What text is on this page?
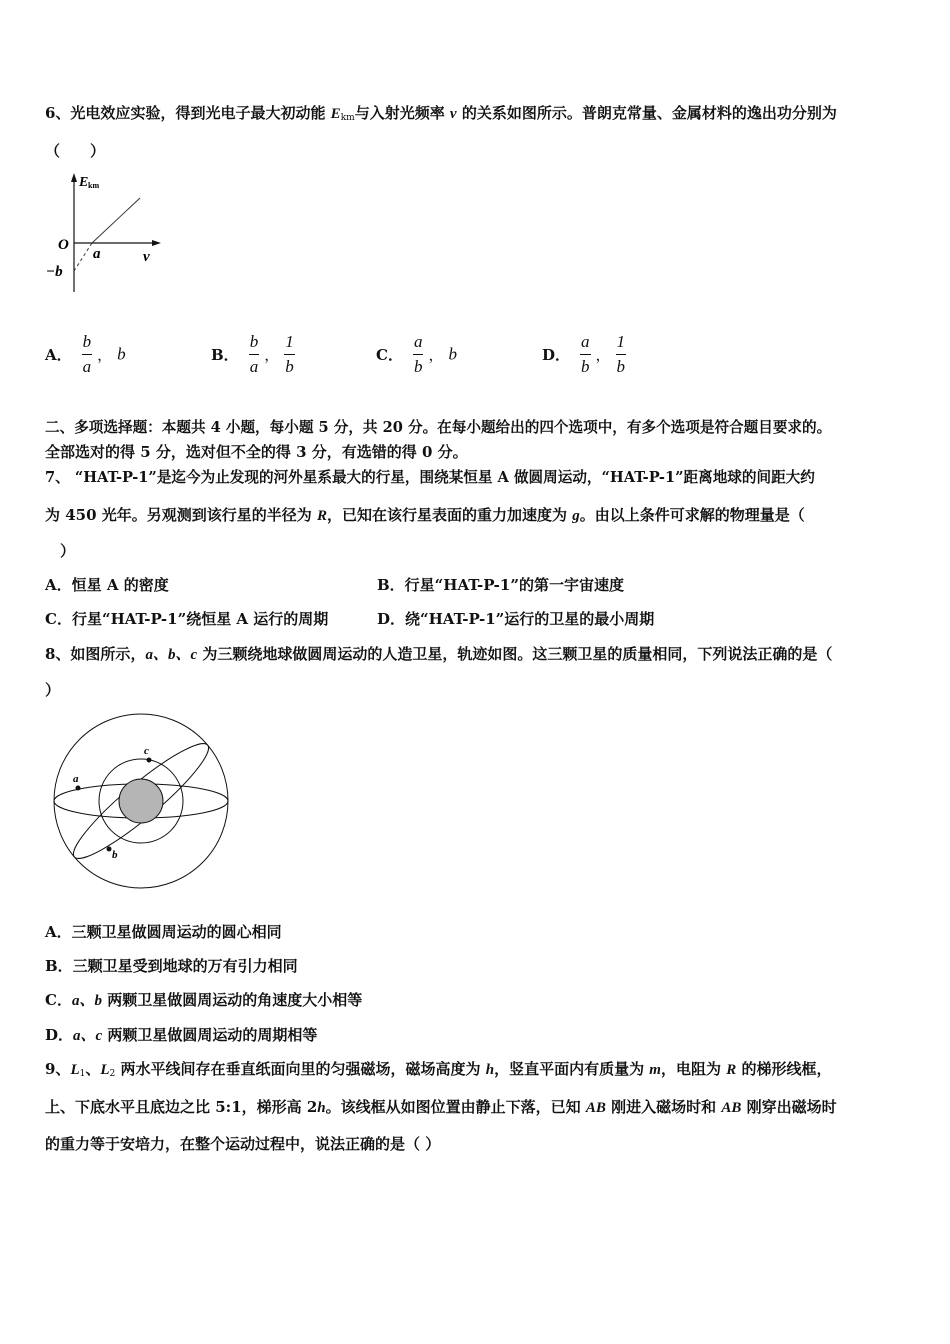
6、光电效应实验，得到光电子最大初动能 $E_{km}$与入射光频率 ν 的关系如图所示。普朗克常量、金属材料的逸出功分别为
（　　）
E km
O
a
−b
v
A． $\frac{b}{a}$ ， b	B． $\frac{b}{a}$ ， $\frac{1}{b}$	C． $\frac{a}{b}$ ， b	D． $\frac{a}{b}$ ， $\frac{1}{b}$
二、多项选择题：本题共 4 小题，每小题 5 分，共 20 分。在每小题给出的四个选项中，有多个选项是符合题目要求的。
全部选对的得 5 分，选对但不全的得 3 分，有选错的得 0 分。
7、 “HAT-P-1”是迄今为止发现的河外星系最大的行星，围绕某恒星 A 做圆周运动，“HAT-P-1”距离地球的间距大约
为 450 光年。另观测到该行星的半径为 R，已知在该行星表面的重力加速度为 g。由以上条件可求解的物理量是（
）
A．恒星 A 的密度	B．行星“HAT-P-1”的第一宇宙速度
C．行星“HAT-P-1”绕恒星 A 运行的周期	D．绕“HAT-P-1”运行的卫星的最小周期
8、如图所示，a、b、c 为三颗绕地球做圆周运动的人造卫星，轨迹如图。这三颗卫星的质量相同，下列说法正确的是（
）
c
a
b
A．三颗卫星做圆周运动的圆心相同
B．三颗卫星受到地球的万有引力相同
C．a、b 两颗卫星做圆周运动的角速度大小相等
D．a、c 两颗卫星做圆周运动的周期相等
9、$L_1$、$L_2$ 两水平线间存在垂直纸面向里的匀强磁场，磁场高度为 h，竖直平面内有质量为 m，电阻为 R 的梯形线框，
上、下底水平且底边之比 5:1，梯形高 2h。该线框从如图位置由静止下落，已知 AB 刚进入磁场时和 AB 刚穿出磁场时
的重力等于安培力，在整个运动过程中，说法正确的是（ ）
